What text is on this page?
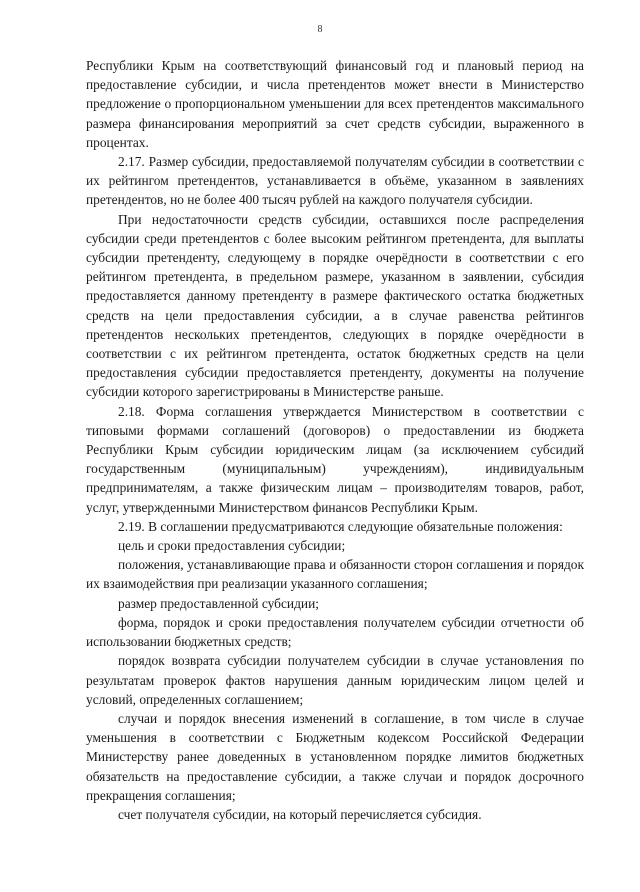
8

Республики Крым на соответствующий финансовый год и плановый период на предоставление субсидии, и числа претендентов может внести в Министерство предложение о пропорциональном уменьшении для всех претендентов максимального размера финансирования мероприятий за счет средств субсидии, выраженного в процентах.

2.17. Размер субсидии, предоставляемой получателям субсидии в соответствии с их рейтингом претендентов, устанавливается в объёме, указанном в заявлениях претендентов, но не более 400 тысяч рублей на каждого получателя субсидии.

При недостаточности средств субсидии, оставшихся после распределения субсидии среди претендентов с более высоким рейтингом претендента, для выплаты субсидии претенденту, следующему в порядке очерёдности в соответствии с его рейтингом претендента, в предельном размере, указанном в заявлении, субсидия предоставляется данному претенденту в размере фактического остатка бюджетных средств на цели предоставления субсидии, а в случае равенства рейтингов претендентов нескольких претендентов, следующих в порядке очерёдности в соответствии с их рейтингом претендента, остаток бюджетных средств на цели предоставления субсидии предоставляется претенденту, документы на получение субсидии которого зарегистрированы в Министерстве раньше.

2.18. Форма соглашения утверждается Министерством в соответствии с типовыми формами соглашений (договоров) о предоставлении из бюджета Республики Крым субсидии юридическим лицам (за исключением субсидий государственным (муниципальным) учреждениям), индивидуальным предпринимателям, а также физическим лицам – производителям товаров, работ, услуг, утвержденными Министерством финансов Республики Крым.

2.19. В соглашении предусматриваются следующие обязательные положения:

цель и сроки предоставления субсидии;

положения, устанавливающие права и обязанности сторон соглашения и порядок их взаимодействия при реализации указанного соглашения;

размер предоставленной субсидии;

форма, порядок и сроки предоставления получателем субсидии отчетности об использовании бюджетных средств;

порядок возврата субсидии получателем субсидии в случае установления по результатам проверок фактов нарушения данным юридическим лицом целей и условий, определенных соглашением;

случаи и порядок внесения изменений в соглашение, в том числе в случае уменьшения в соответствии с Бюджетным кодексом Российской Федерации Министерству ранее доведенных в установленном порядке лимитов бюджетных обязательств на предоставление субсидии, а также случаи и порядок досрочного прекращения соглашения;

счет получателя субсидии, на который перечисляется субсидия.
